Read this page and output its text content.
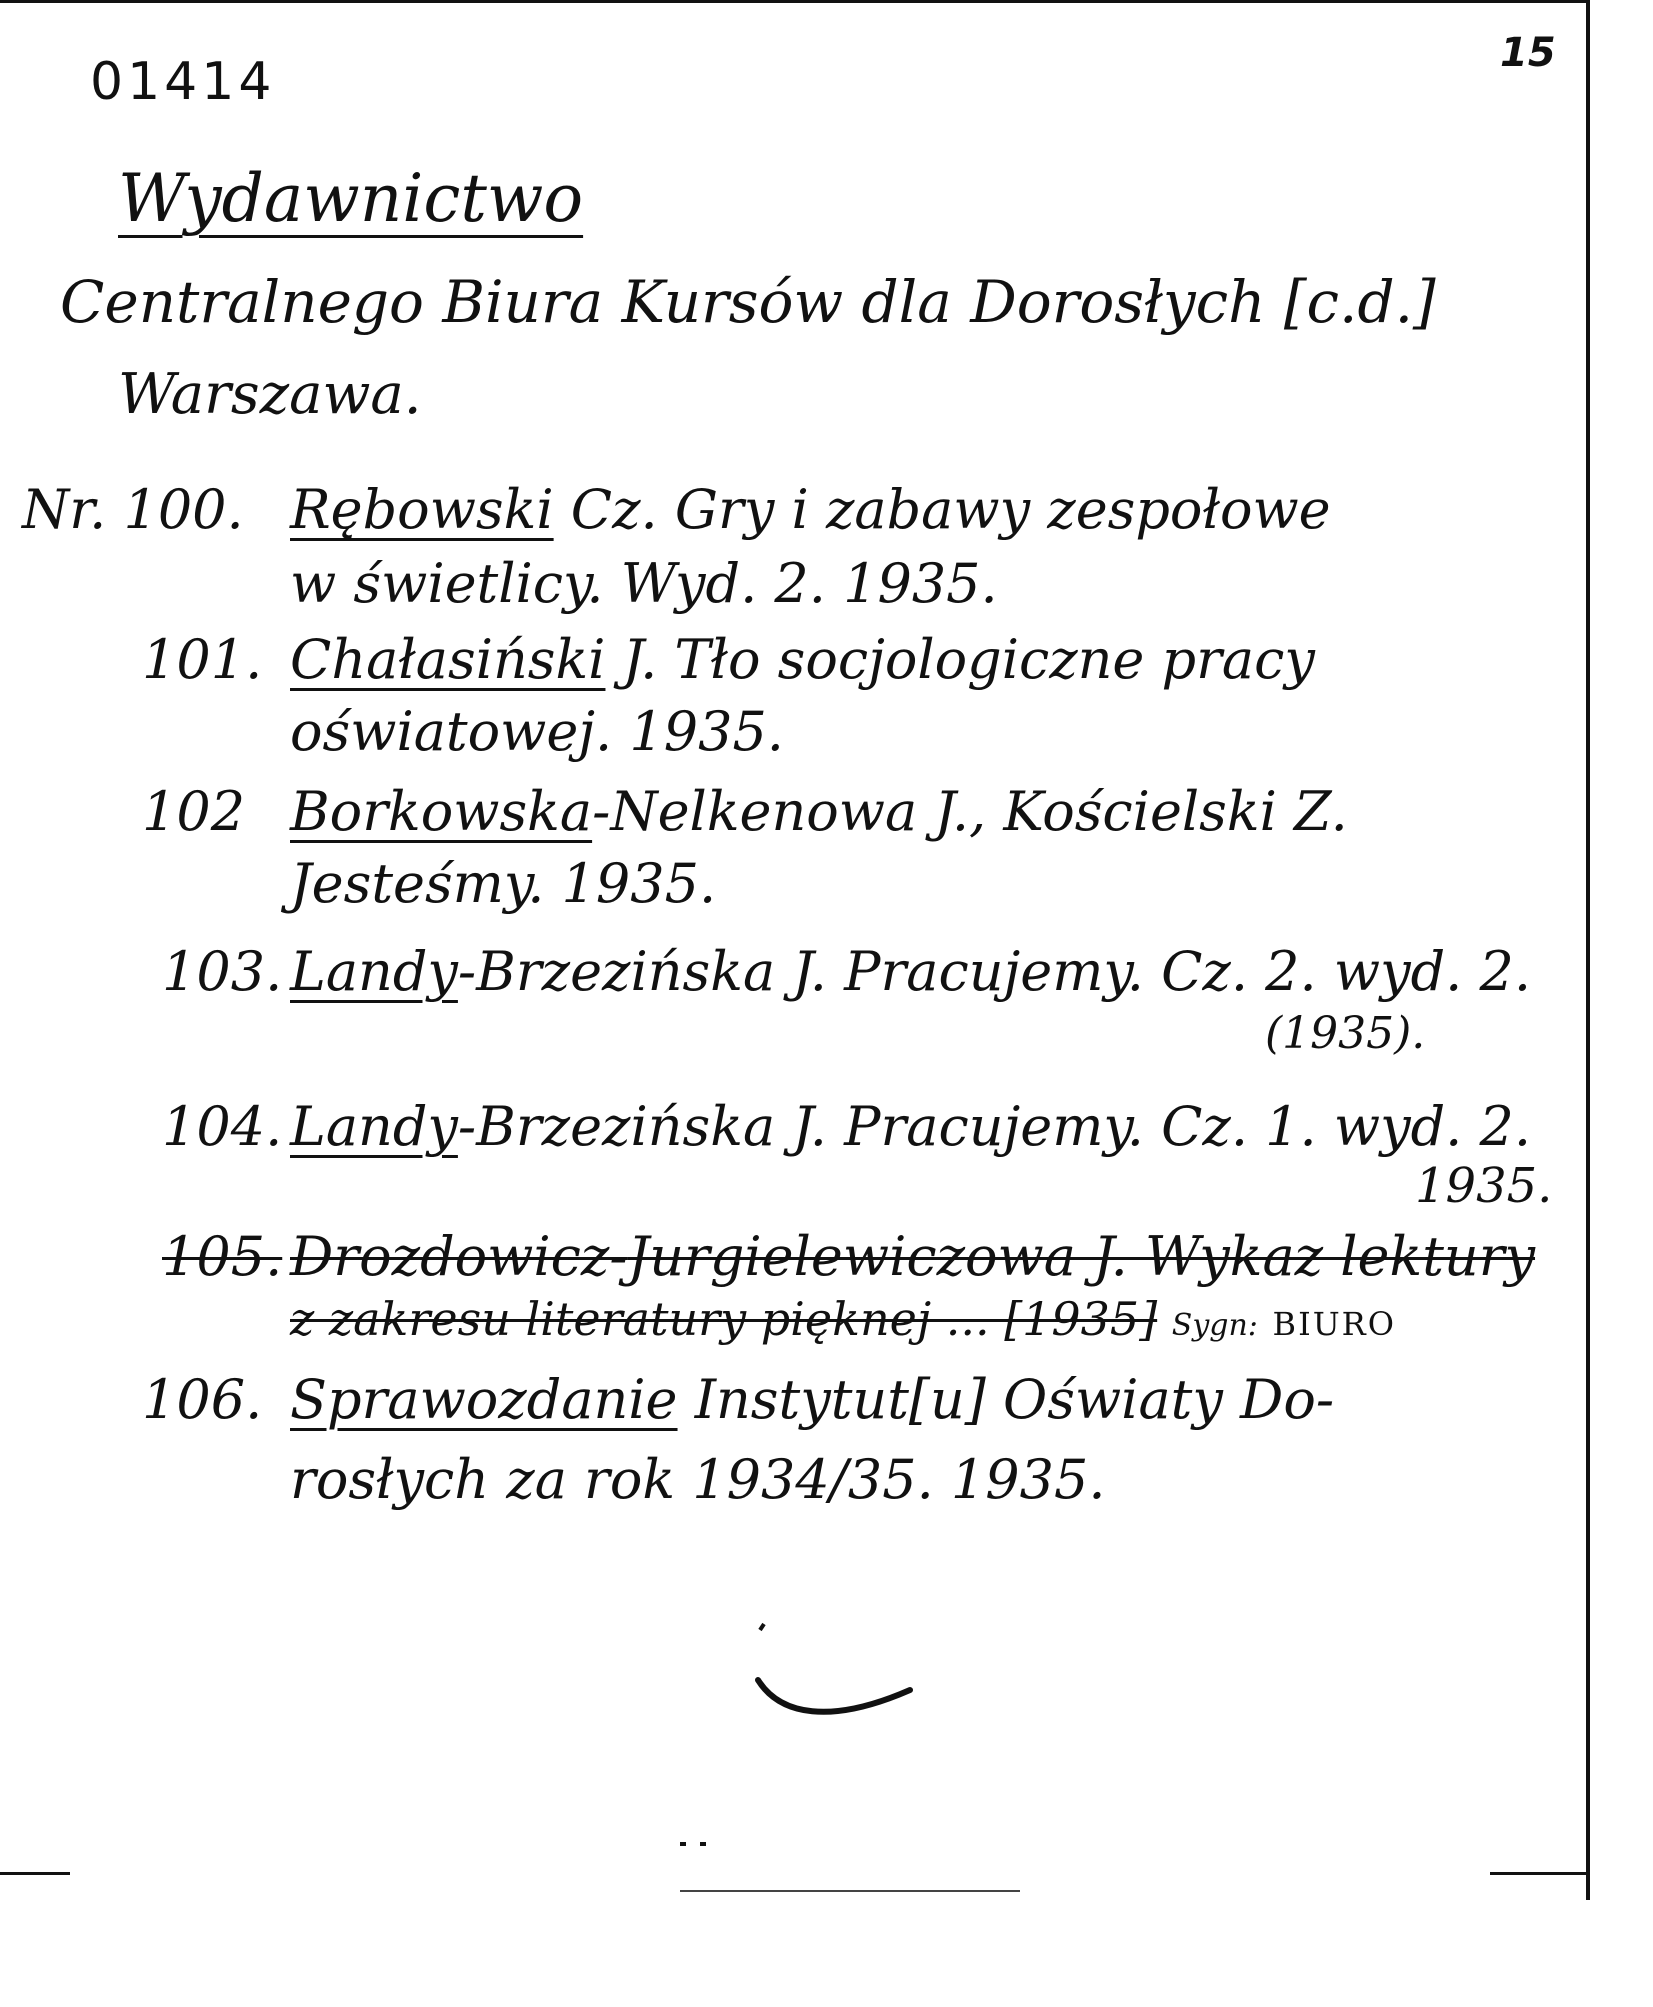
01414	15
Wydawnictwo
Centralnego Biura Kursów dla Dorosłych [c.d.]
Warszawa.
Nr. 100. Rębowski Cz. Gry i zabawy zespołowe
w świetlicy. Wyd. 2. 1935.
101. Chałasiński J. Tło socjologiczne pracy
oświatowej. 1935.
102 Borkowska-Nelkenowa J., Kościelski Z.
Jesteśmy. 1935.
103. Landy-Brzezińska J. Pracujemy. Cz. 2. wyd. 2.
(1935).
104. Landy-Brzezińska J. Pracujemy. Cz. 1. wyd. 2.
1935.
105. Drozdowicz-Jurgielewiczowa J. Wykaz lektury
z zakresu literatury pięknej ... [1935] Sygn: BIURO
106. Sprawozdanie Instytut[u] Oświaty Do-
rosłych za rok 1934/35. 1935.
